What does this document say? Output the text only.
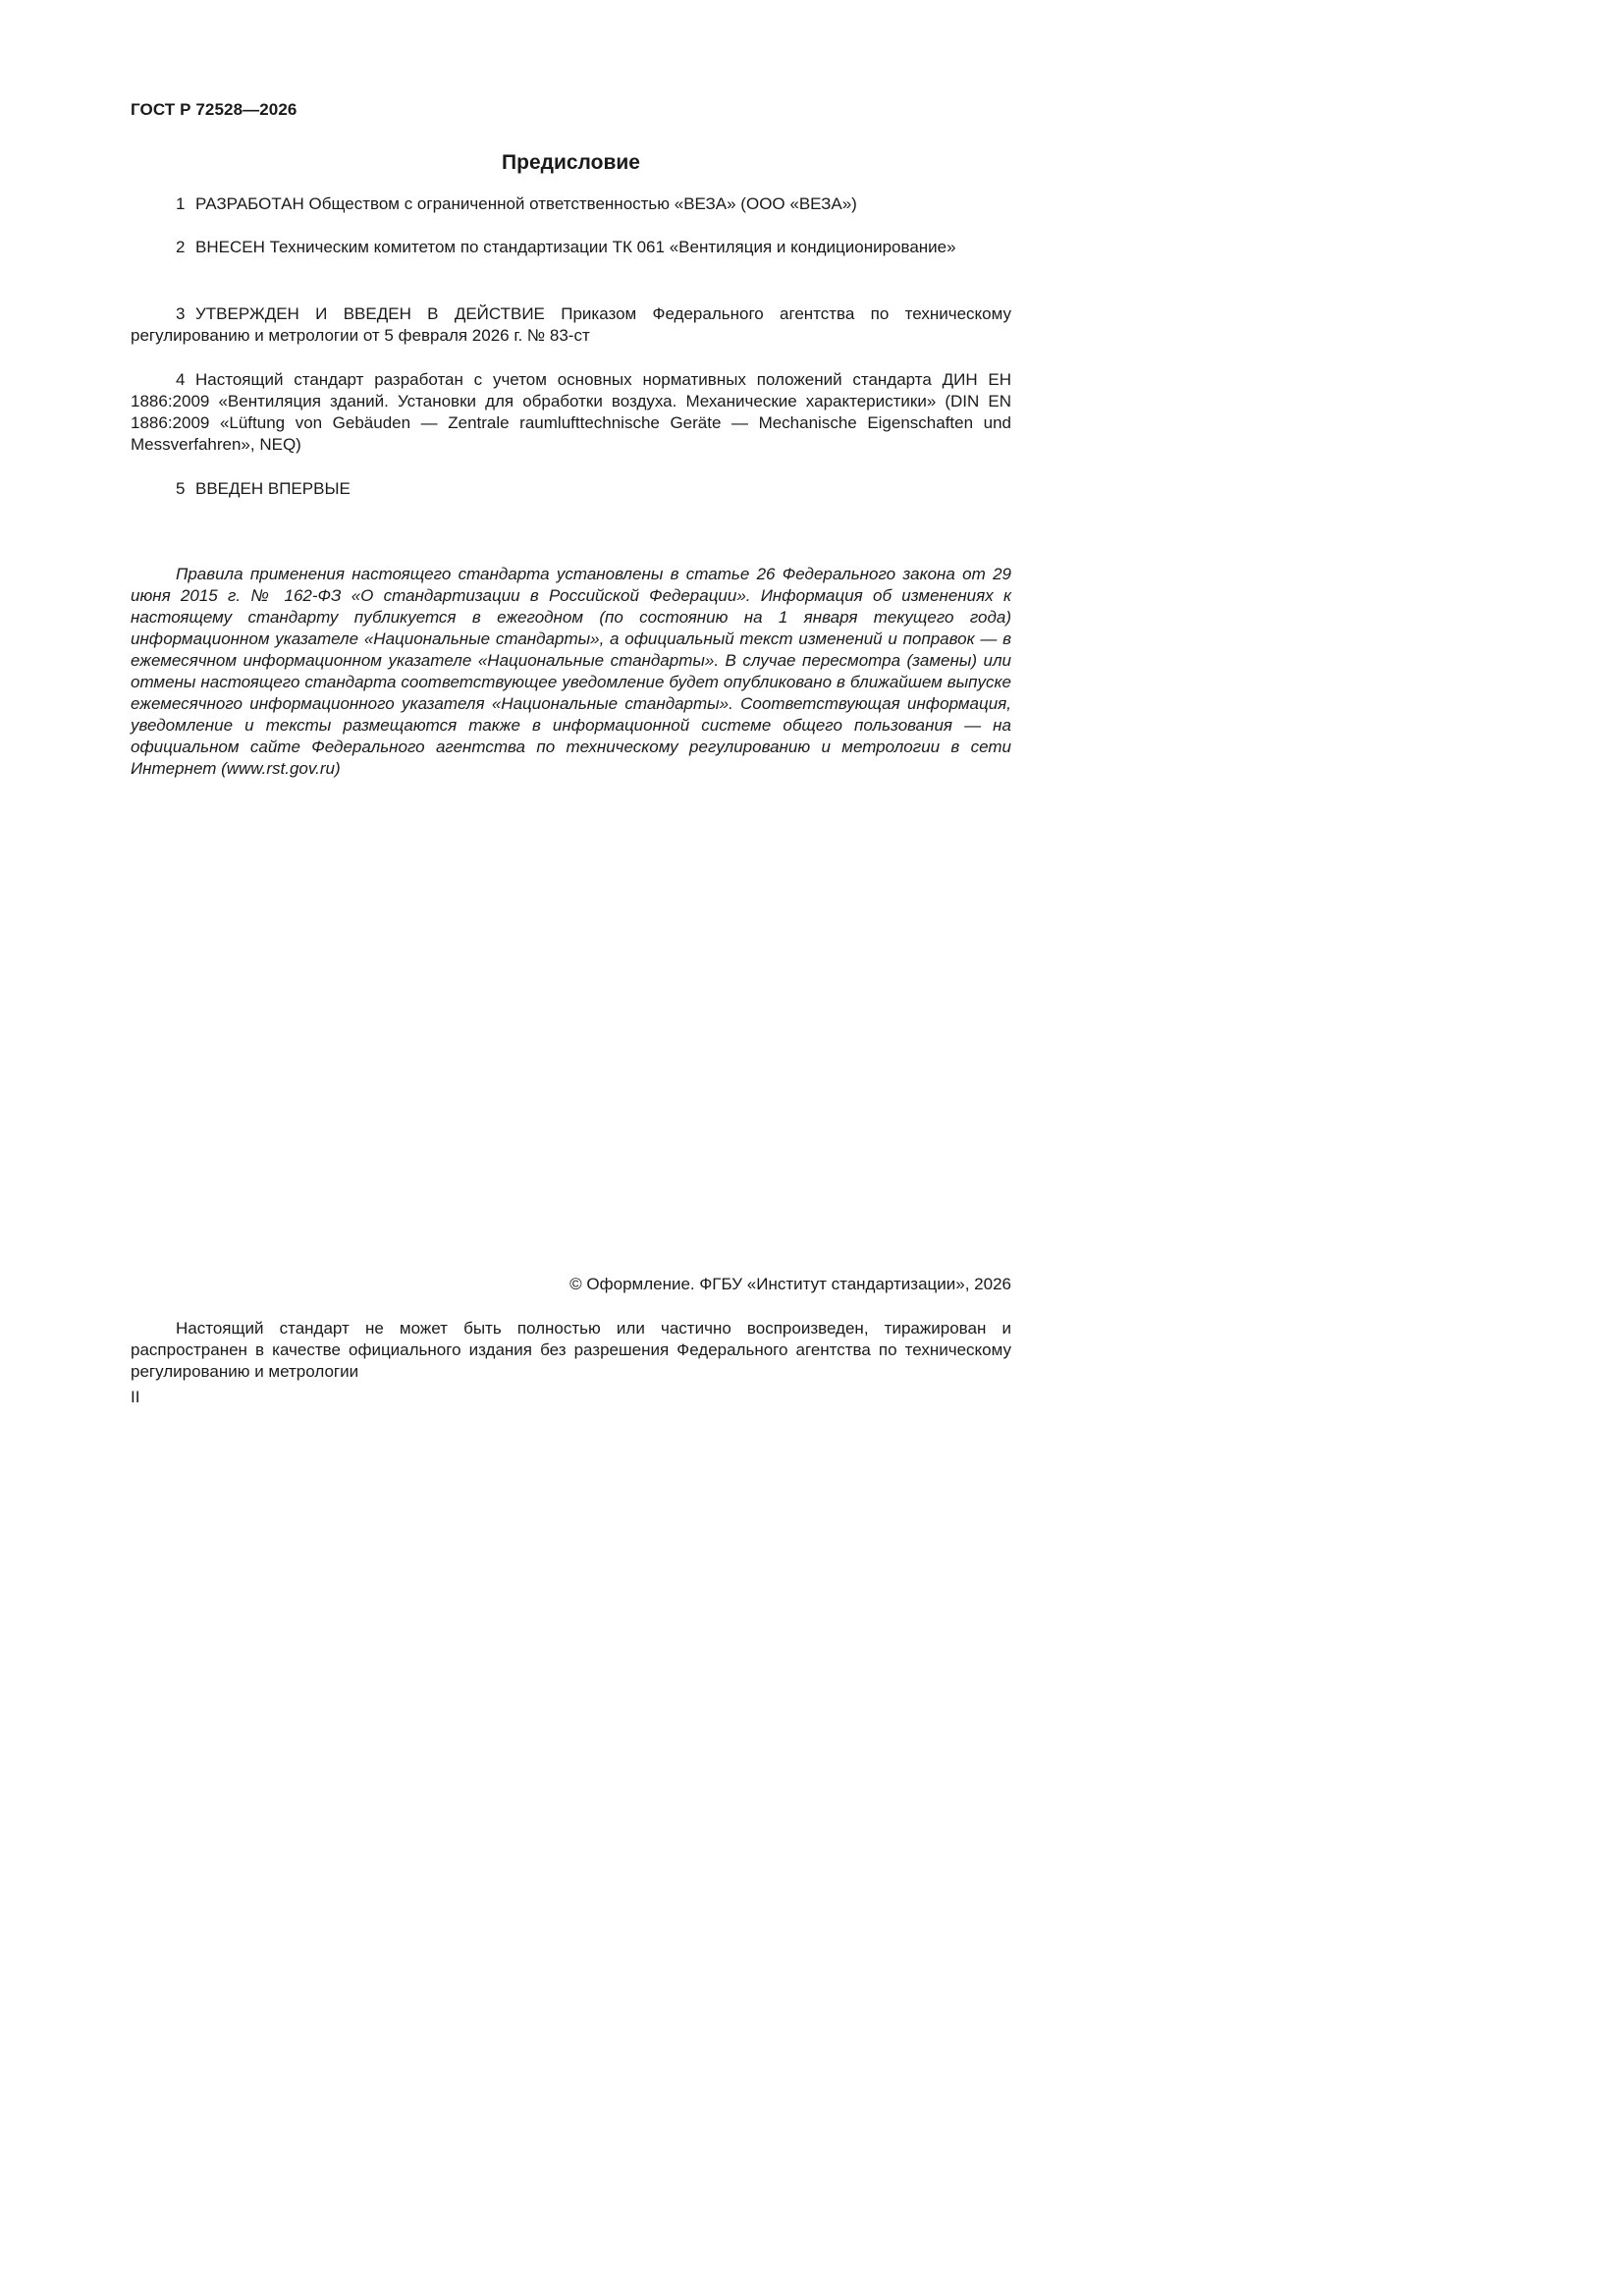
ГОСТ Р 72528—2026
Предисловие
1 РАЗРАБОТАН Обществом с ограниченной ответственностью «ВЕЗА» (ООО «ВЕЗА»)
2 ВНЕСЕН Техническим комитетом по стандартизации ТК 061 «Вентиляция и кондиционирование»
3 УТВЕРЖДЕН И ВВЕДЕН В ДЕЙСТВИЕ Приказом Федерального агентства по техническому регулированию и метрологии от 5 февраля 2026 г. № 83-ст
4 Настоящий стандарт разработан с учетом основных нормативных положений стандарта ДИН ЕН 1886:2009 «Вентиляция зданий. Установки для обработки воздуха. Механические характеристики» (DIN EN 1886:2009 «Lüftung von Gebäuden — Zentrale raumlufttechnische Geräte — Mechanische Eigenschaften und Messverfahren», NEQ)
5 ВВЕДЕН ВПЕРВЫЕ
Правила применения настоящего стандарта установлены в статье 26 Федерального закона от 29 июня 2015 г. № 162-ФЗ «О стандартизации в Российской Федерации». Информация об изменениях к настоящему стандарту публикуется в ежегодном (по состоянию на 1 января текущего года) информационном указателе «Национальные стандарты», а официальный текст изменений и поправок — в ежемесячном информационном указателе «Национальные стандарты». В случае пересмотра (замены) или отмены настоящего стандарта соответствующее уведомление будет опубликовано в ближайшем выпуске ежемесячного информационного указателя «Национальные стандарты». Соответствующая информация, уведомление и тексты размещаются также в информационной системе общего пользования — на официальном сайте Федерального агентства по техническому регулированию и метрологии в сети Интернет (www.rst.gov.ru)
© Оформление. ФГБУ «Институт стандартизации», 2026
Настоящий стандарт не может быть полностью или частично воспроизведен, тиражирован и распространен в качестве официального издания без разрешения Федерального агентства по техническому регулированию и метрологии
II
